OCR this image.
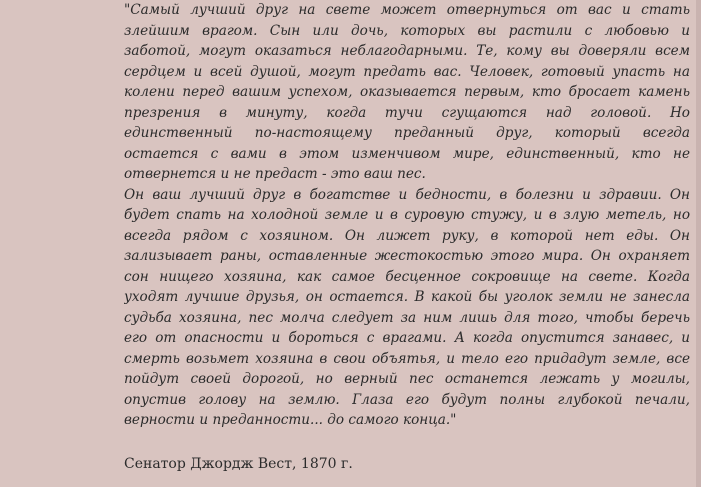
"Самый лучший друг на свете может отвернуться от вас и стать
злейшим врагом. Сын или дочь, которых вы растили с любовью и
заботой, могут оказаться неблагодарными. Те, кому вы доверяли всем
сердцем и всей душой, могут предать вас. Человек, готовый упасть на
колени перед вашим успехом, оказывается первым, кто бросает камень
презрения в минуту, когда тучи сгущаются над головой. Но
единственный по-настоящему преданный друг, который всегда
остается с вами в этом изменчивом мире, единственный, кто не
отвернется и не предаст - это ваш пес.
Он ваш лучший друг в богатстве и бедности, в болезни и здравии. Он
будет спать на холодной земле и в суровую стужу, и в злую метель, но
всегда рядом с хозяином. Он лижет руку, в которой нет еды. Он
зализывает раны, оставленные жестокостью этого мира. Он охраняет
сон нищего хозяина, как самое бесценное сокровище на свете. Когда
уходят лучшие друзья, он остается. В какой бы уголок земли не занесла
судьба хозяина, пес молча следует за ним лишь для того, чтобы беречь
его от опасности и бороться с врагами. А когда опустится занавес, и
смерть возьмет хозяина в свои объятья, и тело его придадут земле, все
пойдут своей дорогой, но верный пес останется лежать у могилы,
опустив голову на землю. Глаза его будут полны глубокой печали,
верности и преданности... до самого конца."
Сенатор Джордж Вест, 1870 г.
